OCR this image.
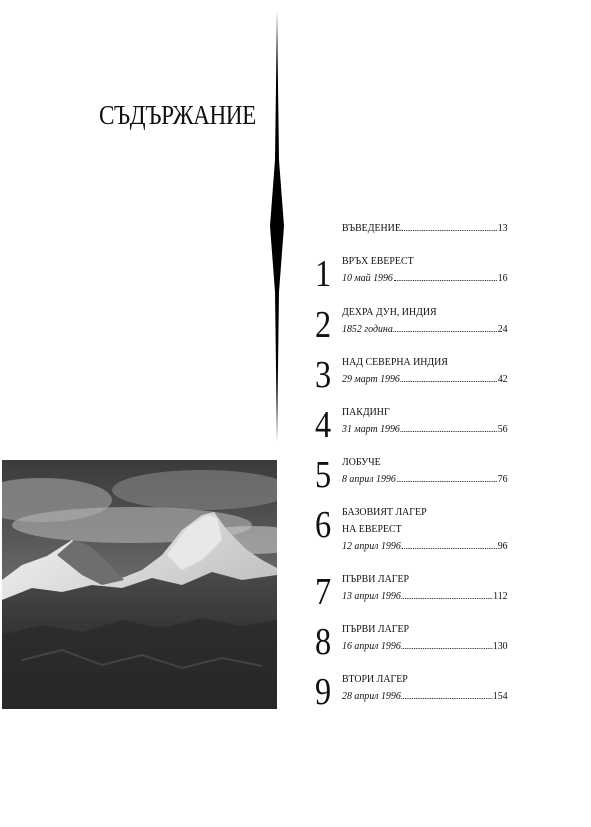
СЪДЪРЖАНИЕ
ВЪВЕДЕНИЕ	13
1 ВРЪХ ЕВЕРЕСТ
10 май 1996	16
2 ДЕХРА ДУН, ИНДИЯ
1852 година	24
3 НАД СЕВЕРНА ИНДИЯ
29 март 1996	42
4 ПАКДИНГ
31 март 1996	56
5 ЛОБУЧЕ
8 април 1996	76
6 БАЗОВИЯТ ЛАГЕР
НА ЕВЕРЕСТ
12 април 1996	96
7 ПЪРВИ ЛАГЕР
13 април 1996	112
8 ПЪРВИ ЛАГЕР
16 април 1996	130
9 ВТОРИ ЛАГЕР
28 април 1996	154
